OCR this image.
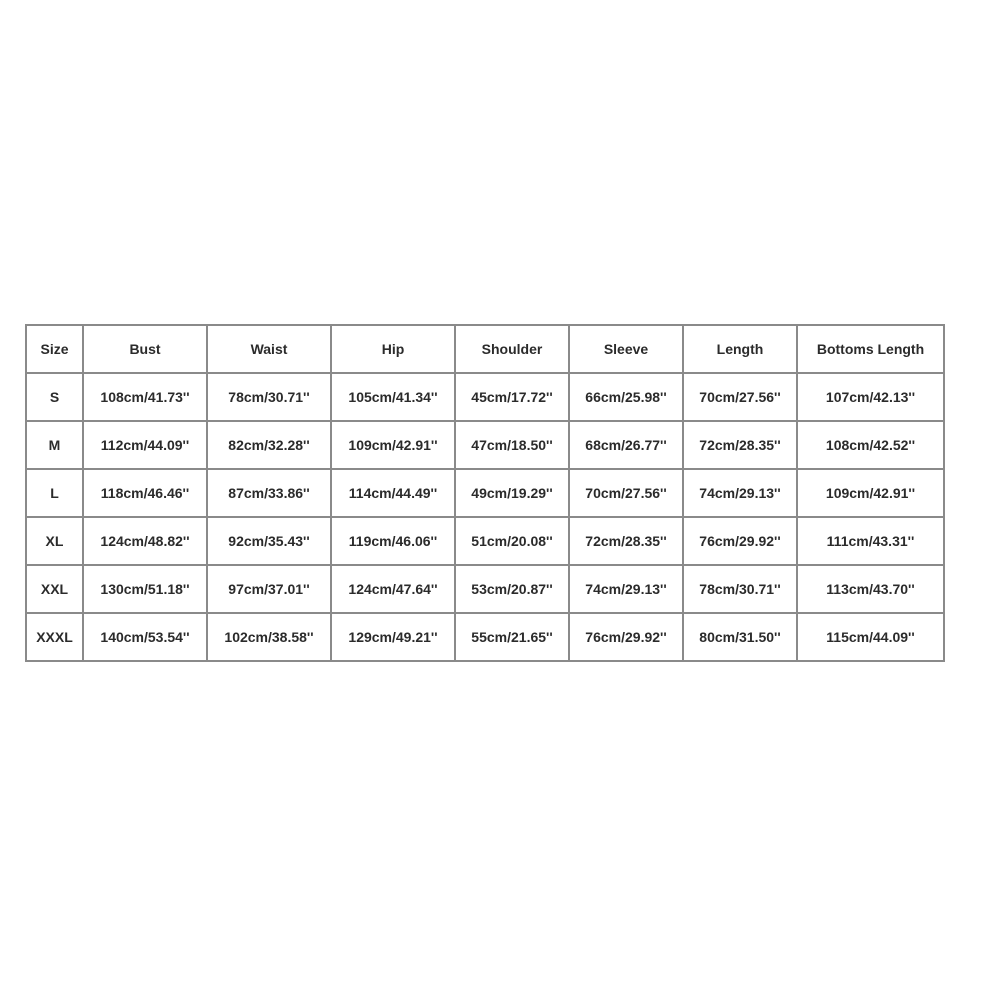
Size	Bust	Waist	Hip	Shoulder	Sleeve	Length	Bottoms Length
S	108cm/41.73''	78cm/30.71''	105cm/41.34''	45cm/17.72''	66cm/25.98''	70cm/27.56''	107cm/42.13''
M	112cm/44.09''	82cm/32.28''	109cm/42.91''	47cm/18.50''	68cm/26.77''	72cm/28.35''	108cm/42.52''
L	118cm/46.46''	87cm/33.86''	114cm/44.49''	49cm/19.29''	70cm/27.56''	74cm/29.13''	109cm/42.91''
XL	124cm/48.82''	92cm/35.43''	119cm/46.06''	51cm/20.08''	72cm/28.35''	76cm/29.92''	111cm/43.31''
XXL	130cm/51.18''	97cm/37.01''	124cm/47.64''	53cm/20.87''	74cm/29.13''	78cm/30.71''	113cm/43.70''
XXXL	140cm/53.54''	102cm/38.58''	129cm/49.21''	55cm/21.65''	76cm/29.92''	80cm/31.50''	115cm/44.09''
